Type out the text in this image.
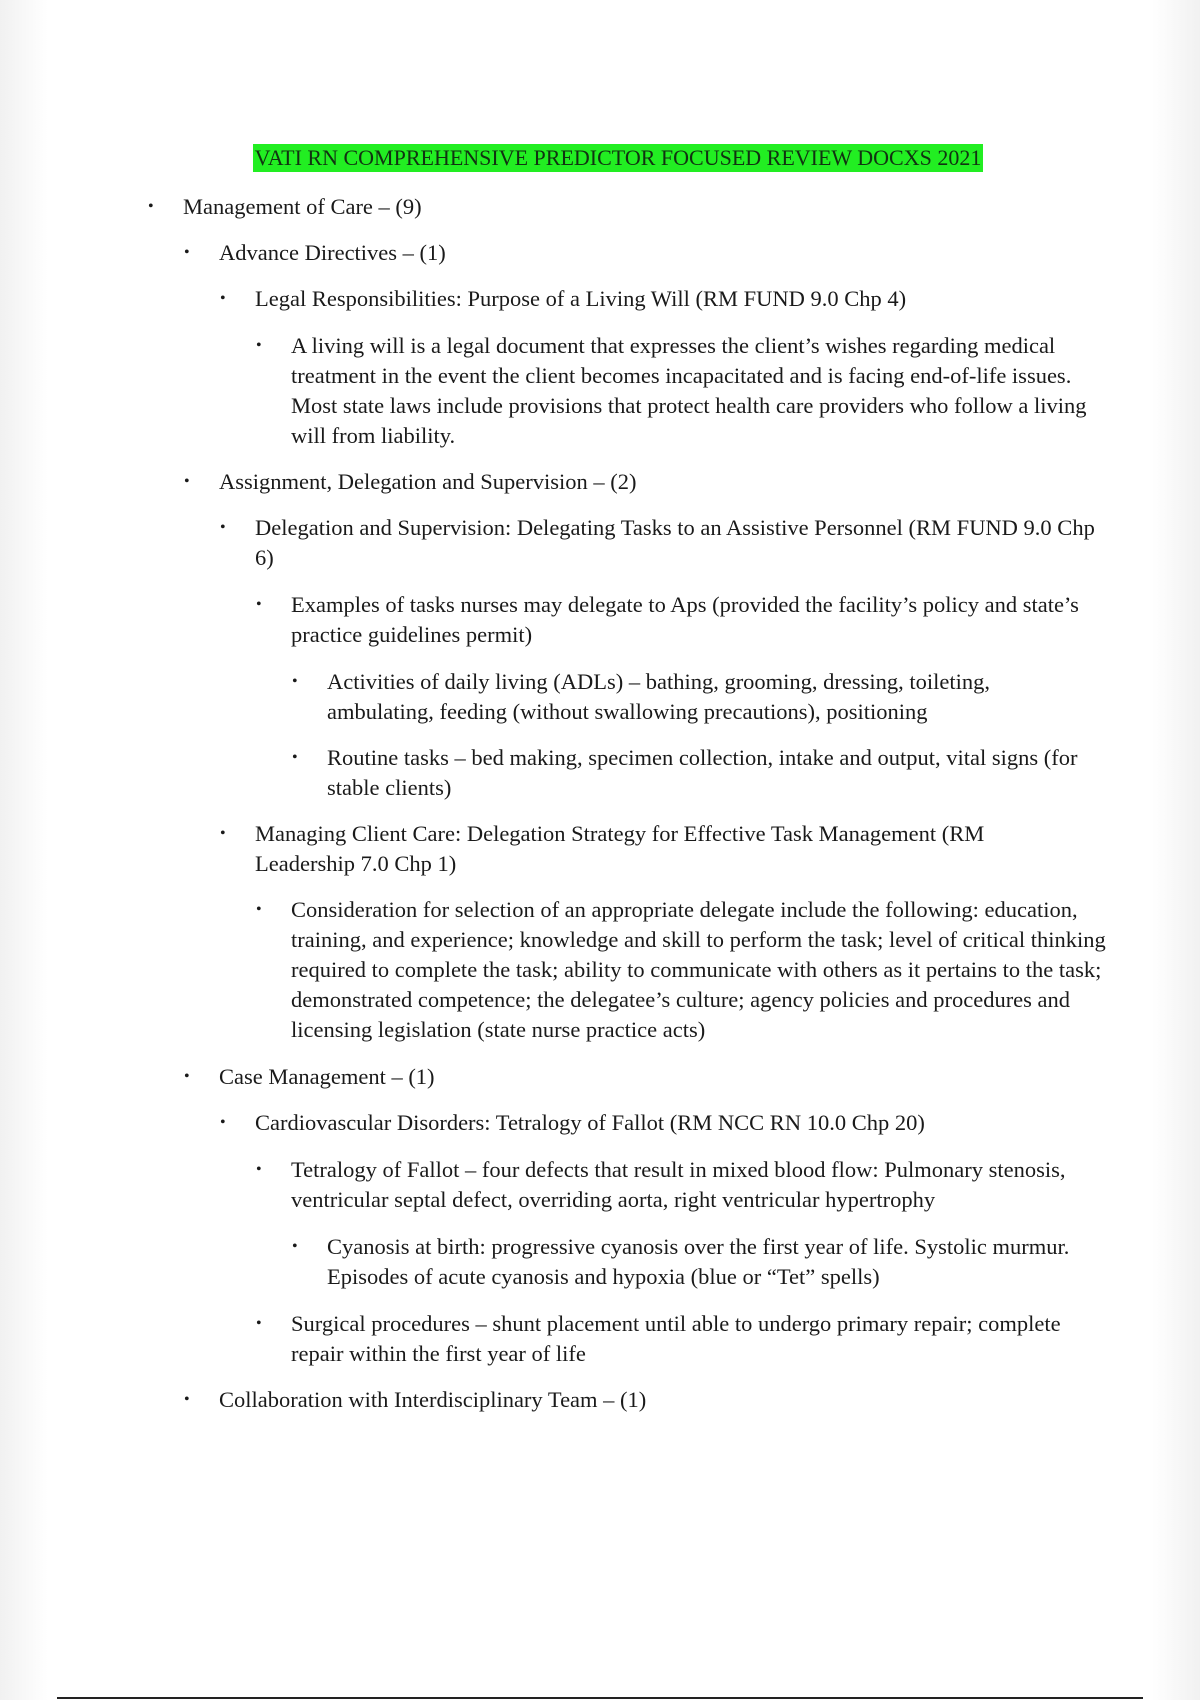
VATI RN COMPREHENSIVE PREDICTOR FOCUSED REVIEW DOCXS 2021
• Management of Care – (9)
• Advance Directives – (1)
• Legal Responsibilities: Purpose of a Living Will (RM FUND 9.0 Chp 4)
• A living will is a legal document that expresses the client’s wishes regarding medical treatment in the event the client becomes incapacitated and is facing end-of-life issues. Most state laws include provisions that protect health care providers who follow a living will from liability.
• Assignment, Delegation and Supervision – (2)
• Delegation and Supervision: Delegating Tasks to an Assistive Personnel (RM FUND 9.0 Chp 6)
• Examples of tasks nurses may delegate to Aps (provided the facility’s policy and state’s practice guidelines permit)
• Activities of daily living (ADLs) – bathing, grooming, dressing, toileting, ambulating, feeding (without swallowing precautions), positioning
• Routine tasks – bed making, specimen collection, intake and output, vital signs (for stable clients)
• Managing Client Care: Delegation Strategy for Effective Task Management (RM Leadership 7.0 Chp 1)
• Consideration for selection of an appropriate delegate include the following: education, training, and experience; knowledge and skill to perform the task; level of critical thinking required to complete the task; ability to communicate with others as it pertains to the task; demonstrated competence; the delegatee’s culture; agency policies and procedures and licensing legislation (state nurse practice acts)
• Case Management – (1)
• Cardiovascular Disorders: Tetralogy of Fallot (RM NCC RN 10.0 Chp 20)
• Tetralogy of Fallot – four defects that result in mixed blood flow: Pulmonary stenosis, ventricular septal defect, overriding aorta, right ventricular hypertrophy
• Cyanosis at birth: progressive cyanosis over the first year of life. Systolic murmur. Episodes of acute cyanosis and hypoxia (blue or “Tet” spells)
• Surgical procedures – shunt placement until able to undergo primary repair; complete repair within the first year of life
• Collaboration with Interdisciplinary Team – (1)
